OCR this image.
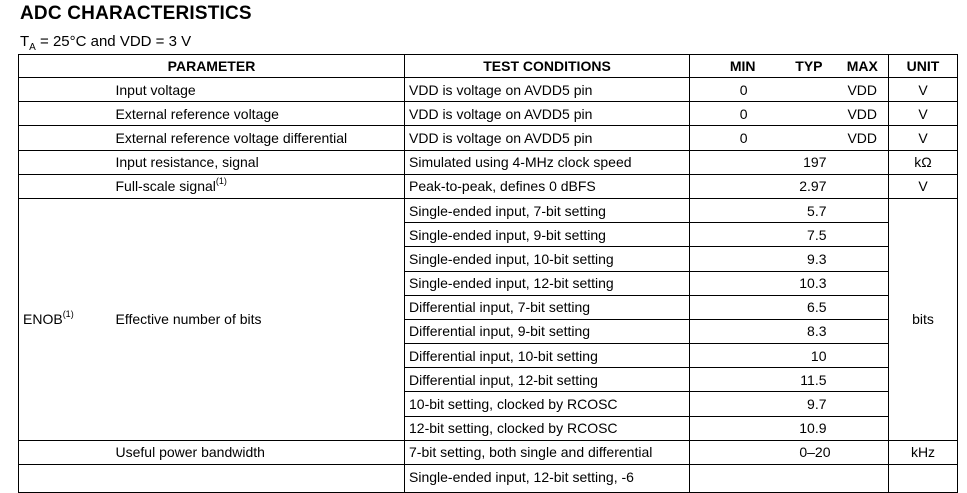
ADC CHARACTERISTICS
$T_A = 25^\circ C$ and VDD = 3 V
PARAMETER		TEST CONDITIONS	MIN	TYP	MAX	UNIT
	Input voltage	VDD is voltage on AVDD5 pin	0		VDD	V
	External reference voltage	VDD is voltage on AVDD5 pin	0		VDD	V
	External reference voltage differential	VDD is voltage on AVDD5 pin	0		VDD	V
	Input resistance, signal	Simulated using 4-MHz clock speed		197		kΩ
	Full-scale signal$^{(1)}$	Peak-to-peak, defines 0 dBFS		2.97		V
ENOB$^{(1)}$	Effective number of bits	Single-ended input, 7-bit setting		5.7		bits
		Single-ended input, 9-bit setting		7.5		
		Single-ended input, 10-bit setting		9.3		
		Single-ended input, 12-bit setting		10.3		
		Differential input, 7-bit setting		6.5		
		Differential input, 9-bit setting		8.3		
		Differential input, 10-bit setting		10		
		Differential input, 12-bit setting		11.5		
		10-bit setting, clocked by RCOSC		9.7		
		12-bit setting, clocked by RCOSC		10.9		
	Useful power bandwidth	7-bit setting, both single and differential		0–20		kHz
		Single-ended input, 12-bit setting, -6				
